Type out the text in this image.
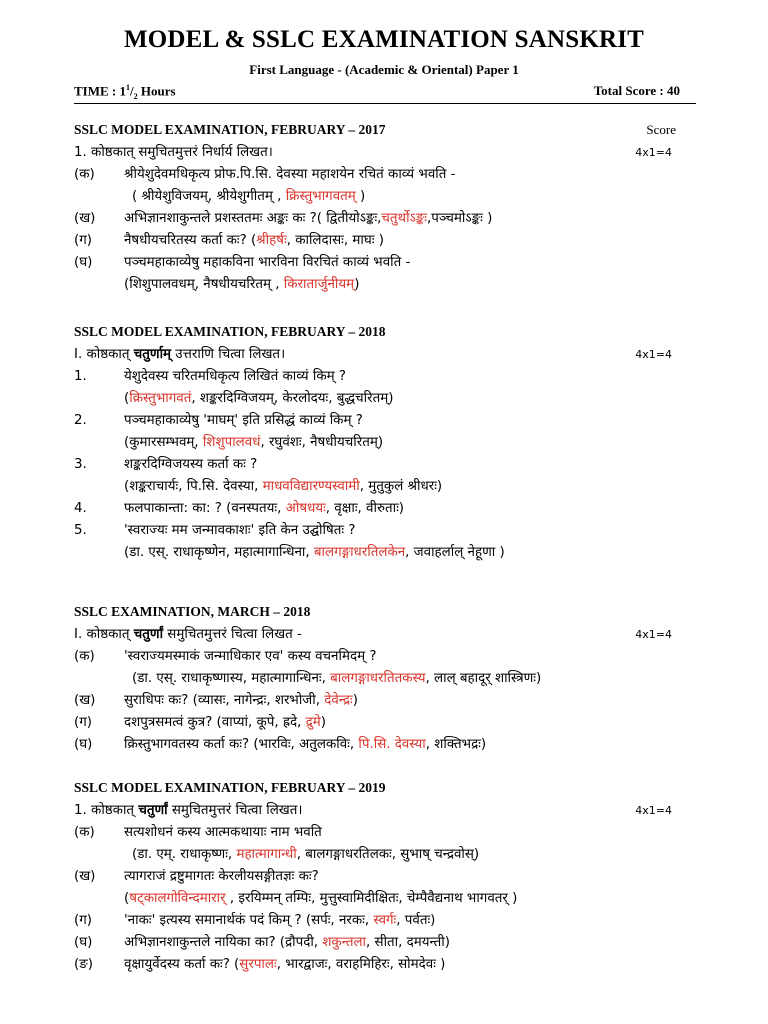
MODEL & SSLC EXAMINATION SANSKRIT
First Language - (Academic & Oriental) Paper 1
TIME : $1^1/_2$ Hours	Total Score : 40
SSLC MODEL EXAMINATION, FEBRUARY – 2017	Score
1. कोष्ठकात् समुचितमुत्तरं निर्धार्य लिखत।	4x1=4
(क) श्रीयेशुदेवमधिकृत्य प्रोफ.पि.सि. देवस्या महाशयेन रचितं काव्यं भवति -
( श्रीयेशुविजयम्, श्रीयेशुगीतम् , क्रिस्तुभागवतम् )
(ख) अभिज्ञानशाकुन्तले प्रशस्ततमः अङ्कः कः ?( द्वितीयोऽङ्कः,चतुर्थोऽङ्कः,पञ्चमोऽङ्कः )
(ग) नैषधीयचरितस्य कर्ता कः? (श्रीहर्षः, कालिदासः, माघः )
(घ) पञ्चमहाकाव्येषु महाकविना भारविना विरचितं काव्यं भवति -
(शिशुपालवधम्, नैषधीयचरितम् , किरातार्जुनीयम्)
SSLC MODEL EXAMINATION, FEBRUARY – 2018
I. कोष्ठकात् चतुर्णाम् उत्तराणि चित्वा लिखत।	4x1=4
1.	येशुदेवस्य चरितमधिकृत्य लिखितं काव्यं किम् ?
(क्रिस्तुभागवतं, शङ्करदिग्विजयम्, केरलोदयः, बुद्धचरितम्)
2.	पञ्चमहाकाव्येषु 'माघम्' इति प्रसिद्धं काव्यं किम् ?
(कुमारसम्भवम्, शिशुपालवधं, रघुवंशः, नैषधीयचरितम्)
3.	शङ्करदिग्विजयस्य कर्ता कः ?
(शङ्कराचार्यः, पि.सि. देवस्या, माधवविद्यारण्यस्वामी, मुतुकुलं श्रीधरः)
4.	फलपाकान्ता: का: ? (वनस्पतयः, ओषधयः, वृक्षाः, वीरुताः)
5.	'स्वराज्यः मम जन्मावकाशः' इति केन उद्घोषितः ?
(डा. एस्. राधाकृष्णेन, महात्मागान्धिना, बालगङ्गाधरतिलकेन, जवाहर्लाल् नेहूणा )
SSLC EXAMINATION, MARCH – 2018
I. कोष्ठकात् चतुर्णां समुचितमुत्तरं चित्वा लिखत -	4x1=4
(क) 'स्वराज्यमस्माकं जन्माधिकार एव' कस्य वचनमिदम् ?
(डा. एस्. राधाकृष्णास्य, महात्मागान्धिनः, बालगङ्गाधरतितकस्य, लाल् बहादूर् शास्त्रिणः)
(ख) सुराधिपः कः? (व्यासः, नागेन्द्रः, शरभोजी, देवेन्द्रः)
(ग) दशपुत्रसमत्वं कुत्र? (वाप्यां, कूपे, ह्रदे, द्रुमे)
(घ) क्रिस्तुभागवतस्य कर्ता कः? (भारविः, अतुलकविः, पि.सि. देवस्या, शक्तिभद्रः)
SSLC MODEL EXAMINATION, FEBRUARY – 2019
1. कोष्ठकात् चतुर्णां समुचितमुत्तरं चित्वा लिखत।	4x1=4
(क) सत्यशोधनं कस्य आत्मकथायाः नाम भवति
(डा. एम्. राधाकृष्णः, महात्मागान्धी, बालगङ्गाधरतिलकः, सुभाष् चन्द्रवोस्)
(ख) त्यागराजं द्रष्टुमागतः केरलीयसङ्गीतज्ञः कः?
(षट्कालगोविन्दमारार् , इरयिम्मन् तम्पिः, मुत्तुस्वामिदीक्षितः, चेम्पैवैद्यनाथ भागवतर् )
(ग) 'नाकः' इत्यस्य समानार्थकं पदं किम् ? (सर्पः, नरकः, स्वर्गः, पर्वतः)
(घ) अभिज्ञानशाकुन्तले नायिका का? (द्रौपदी, शकुन्तला, सीता, दमयन्ती)
(ङ) वृक्षायुर्वेदस्य कर्ता कः? (सुरपालः, भारद्वाजः, वराहमिहिरः, सोमदेवः )
